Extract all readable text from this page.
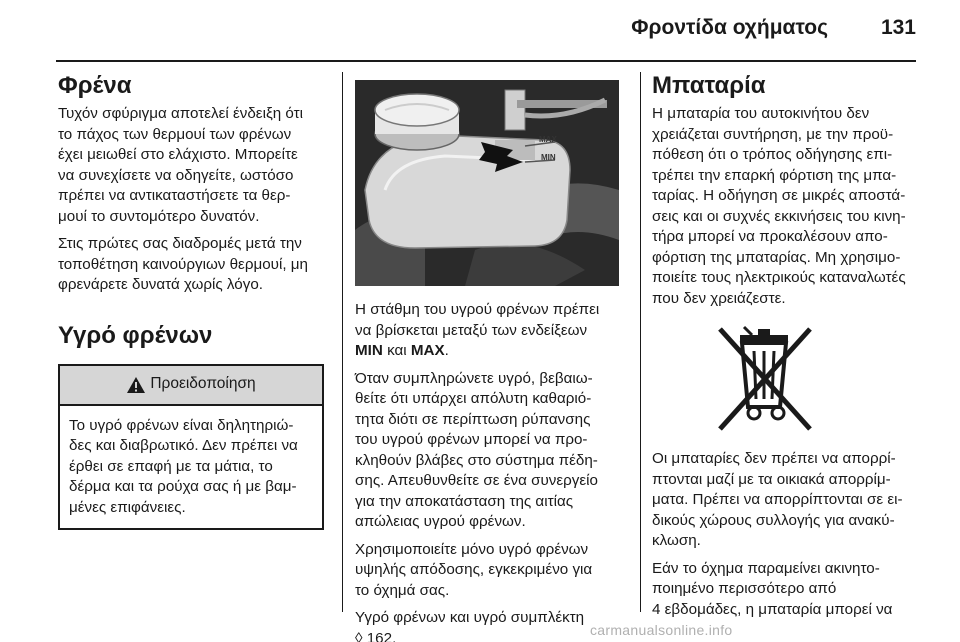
Φροντίδα οχήματος	131
Φρένα

Τυχόν σφύριγμα αποτελεί ένδειξη ότι
το πάχος των θερμουί των φρένων
έχει μειωθεί στο ελάχιστο. Μπορείτε
να συνεχίσετε να οδηγείτε, ωστόσο
πρέπει να αντικαταστήσετε τα θερ-
μουί το συντομότερο δυνατόν.

Στις πρώτες σας διαδρομές μετά την
τοποθέτηση καινούργιων θερμουί, μη
φρενάρετε δυνατά χωρίς λόγο.

Υγρό φρένων
Προειδοποίηση
Το υγρό φρένων είναι δηλητηριώ-
δες και διαβρωτικό. Δεν πρέπει να
έρθει σε επαφή με τα μάτια, το
δέρμα και τα ρούχα σας ή με βαμ-
μένες επιφάνειες.
MAX
MIN

Η στάθμη του υγρού φρένων πρέπει
να βρίσκεται μεταξύ των ενδείξεων
MIN και MAX.

Όταν συμπληρώνετε υγρό, βεβαιω-
θείτε ότι υπάρχει απόλυτη καθαριό-
τητα διότι σε περίπτωση ρύπανσης
του υγρού φρένων μπορεί να προ-
κληθούν βλάβες στο σύστημα πέδη-
σης. Απευθυνθείτε σε ένα συνεργείο
για την αποκατάσταση της αιτίας
απώλειας υγρού φρένων.

Χρησιμοποιείτε μόνο υγρό φρένων
υψηλής απόδοσης, εγκεκριμένο για
το όχημά σας.

Υγρό φρένων και υγρό συμπλέκτη
◊ 162.

Μπαταρία

Η μπαταρία του αυτοκινήτου δεν
χρειάζεται συντήρηση, με την προϋ-
πόθεση ότι ο τρόπος οδήγησης επι-
τρέπει την επαρκή φόρτιση της μπα-
ταρίας. Η οδήγηση σε μικρές αποστά-
σεις και οι συχνές εκκινήσεις του κινη-
τήρα μπορεί να προκαλέσουν απο-
φόρτιση της μπαταρίας. Μη χρησιμο-
ποιείτε τους ηλεκτρικούς καταναλωτές
που δεν χρειάζεστε.

Οι μπαταρίες δεν πρέπει να απορρί-
πτονται μαζί με τα οικιακά απορρίμ-
ματα. Πρέπει να απορρίπτονται σε ει-
δικούς χώρους συλλογής για ανακύ-
κλωση.

Εάν το όχημα παραμείνει ακινητο-
ποιημένο περισσότερο από
4 εβδομάδες, η μπαταρία μπορεί να

carmanualsonline.info
